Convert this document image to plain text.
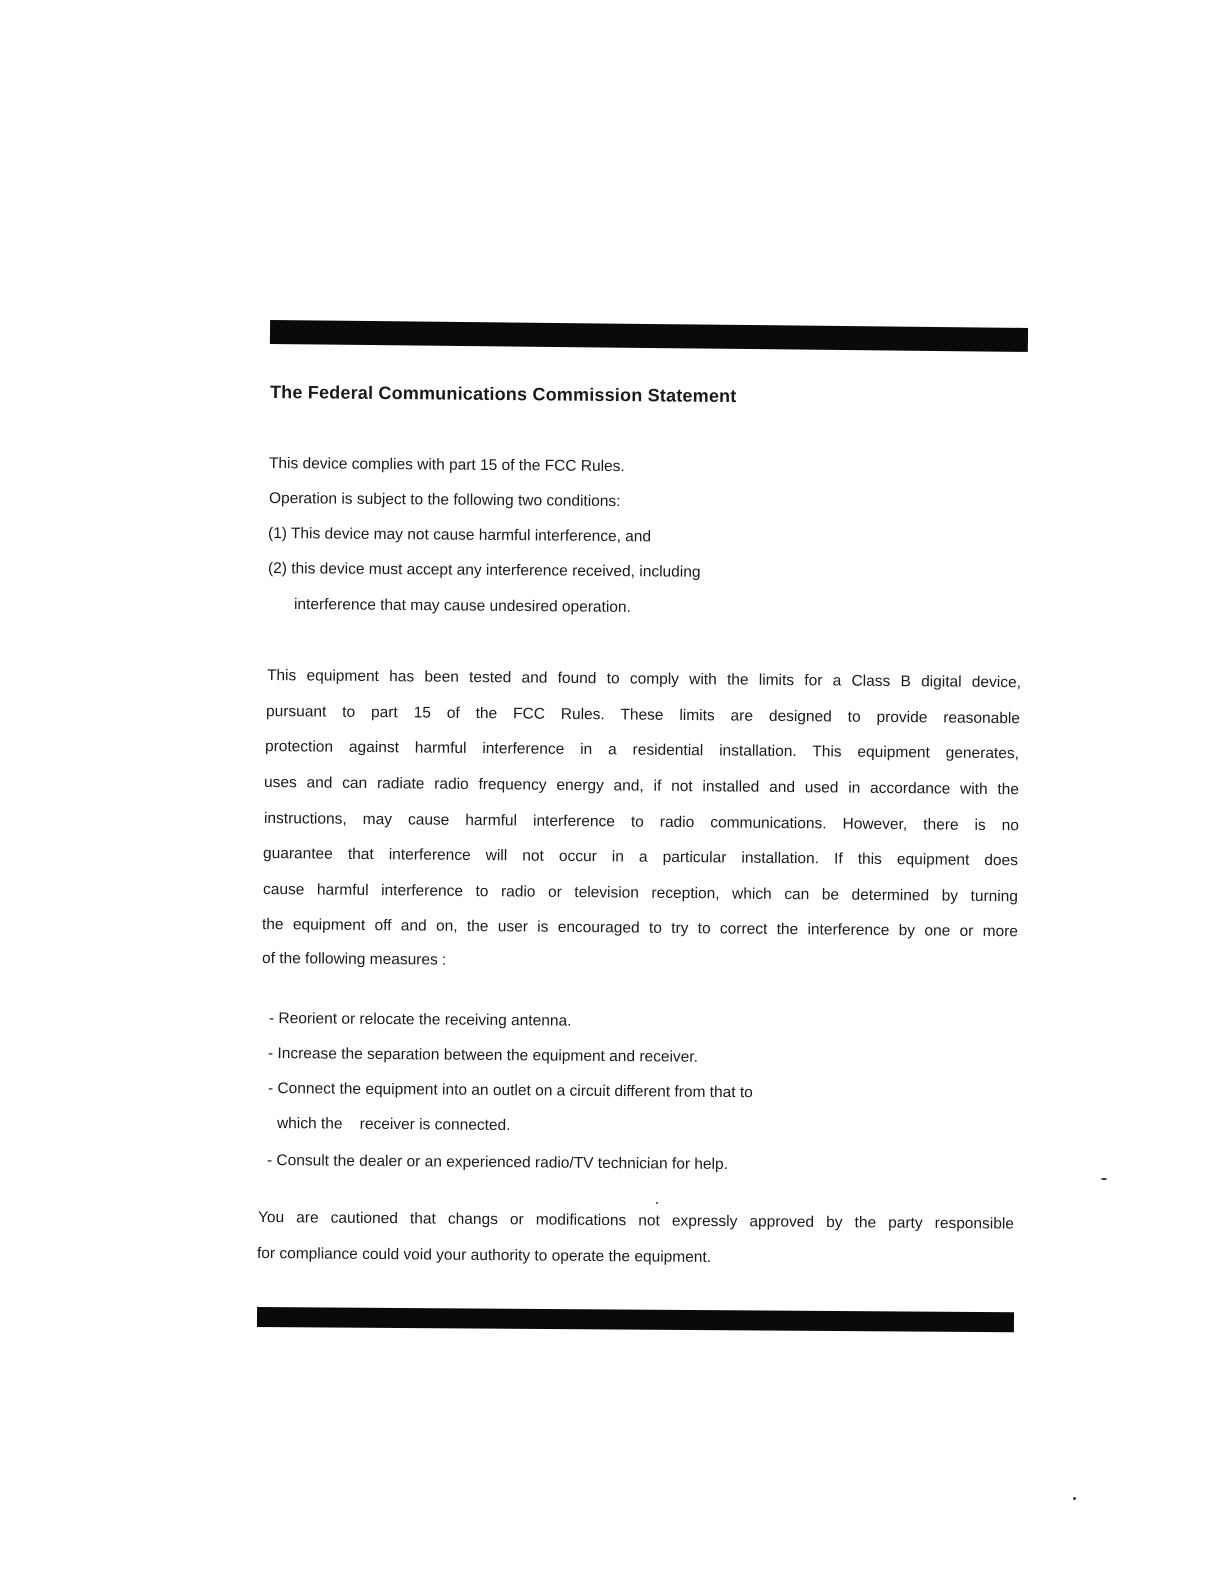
The Federal Communications Commission Statement
This device complies with part 15 of the FCC Rules.
Operation is subject to the following two conditions:
(1) This device may not cause harmful interference, and
(2) this device must accept any interference received, including
interference that may cause undesired operation.
This equipment has been tested and found to comply with the limits for a Class B digital device,
pursuant to part 15 of the FCC Rules. These limits are designed to provide reasonable
protection against harmful interference in a residential installation. This equipment generates,
uses and can radiate radio frequency energy and, if not installed and used in accordance with the
instructions, may cause harmful interference to radio communications. However, there is no
guarantee that interference will not occur in a particular installation. If this equipment does
cause harmful interference to radio or television reception, which can be determined by turning
the equipment off and on, the user is encouraged to try to correct the interference by one or more
of the following measures :
- Reorient or relocate the receiving antenna.
- Increase the separation between the equipment and receiver.
- Connect the equipment into an outlet on a circuit different from that to
which the    receiver is connected.
- Consult the dealer or an experienced radio/TV technician for help.
You are cautioned that changs or modifications not expressly approved by the party responsible
for compliance could void your authority to operate the equipment.
